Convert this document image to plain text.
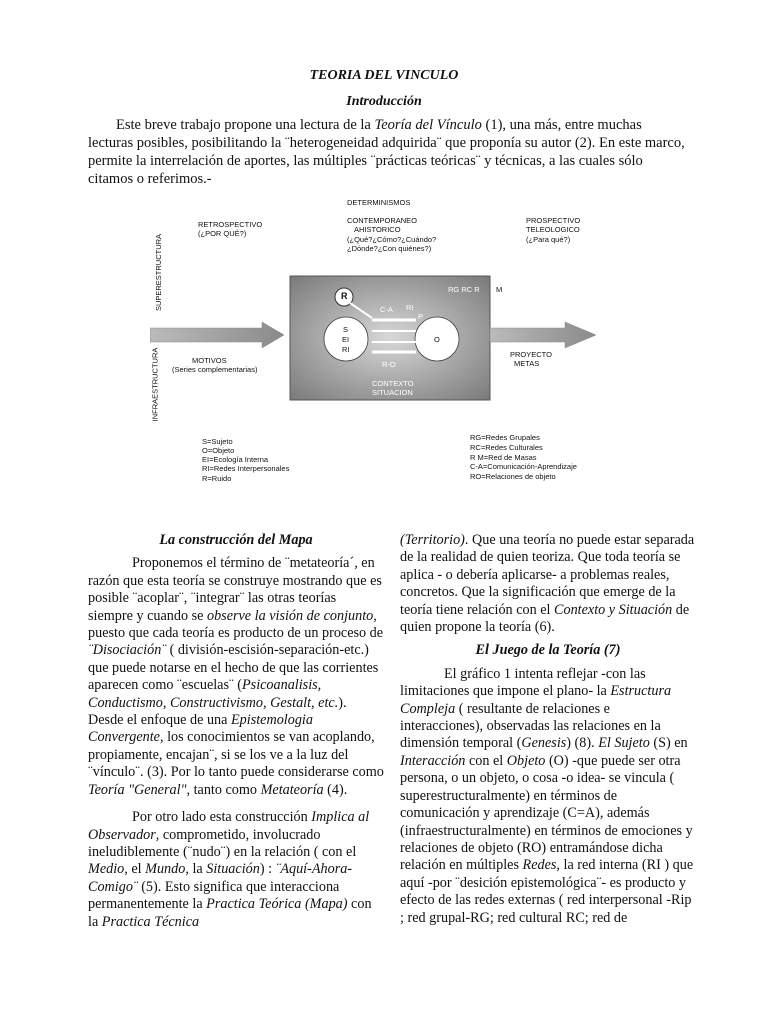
TEORIA DEL VINCULO
Introducción

Este breve trabajo propone una lectura de la Teoría del Vínculo (1), una más, entre muchas lecturas posibles, posibilitando la ¨heterogeneidad adquirida¨ que proponía su autor (2). En este marco, permite la interrelación de aportes, las múltiples ¨prácticas teóricas¨ y técnicas, a las cuales sólo citamos o referimos.-

DETERMINISMOS
RETROSPECTIVO
(¿POR QUÉ?)
CONTEMPORANEO
AHISTORICO
(¿Qué?¿Cómo?¿Cuándo?
¿Dónde?¿Con quiénes?)
PROSPECTIVO
TELEOLOGICO
(¿Para qué?)
SUPERESTRUCTURA
INFRAESTRUCTURA	MOTIVOS
(Series complementarias)
PROYECTO
METAS
R
RG RC R M
C-A RI
P
S
EI
RI
O
R-O
CONTEXTO
SITUACION
S=Sujeto
O=Objeto
EI=Ecología Interna
RI=Redes Interpersonales
R=Ruido
RG=Redes Grupales
RC=Redes Culturales
R M=Red de Masas
C-A=Comunicación-Aprendizaje
RO=Relaciones de objeto

La construcción del Mapa

Proponemos el término de ¨metateoría´, en razón que esta teoría se construye mostrando que es posible ¨acoplar¨, ¨integrar¨ las otras teorías siempre y cuando se observe la visión de conjunto, puesto que cada teoría es producto de un proceso de ¨Disociación¨ ( división-escisión-separación-etc.) que puede notarse en el hecho de que las corrientes aparecen como ¨escuelas¨ (Psicoanalisis, Conductismo, Constructivismo, Gestalt, etc.). Desde el enfoque de una Epistemologia Convergente, los conocimientos se van acoplando, propiamente, encajan¨, si se los ve a la luz del ¨vínculo¨. (3). Por lo tanto puede considerarse como Teoría "General", tanto como Metateoría (4).

Por otro lado esta construcción Implica al Observador, comprometido, involucrado ineludiblemente (¨nudo¨) en la relación ( con el Medio, el Mundo, la Situación) : ¨Aquí-Ahora-Comigo¨ (5). Esto significa que interacciona permanentemente la Practica Teórica (Mapa) con la Practica Técnica

(Territorio). Que una teoría no puede estar separada de la realidad de quien teoriza. Que toda teoría se aplica - o debería aplicarse- a problemas reales, concretos. Que la significación que emerge de la teoría tiene relación con el Contexto y Situación de quien propone la teoría (6).

El Juego de la Teoría (7)

El gráfico 1 intenta reflejar -con las limitaciones que impone el plano- la Estructura Compleja ( resultante de relaciones e interacciones), observadas las relaciones en la dimensión temporal (Genesis) (8). El Sujeto (S) en Interacción con el Objeto (O) -que puede ser otra persona, o un objeto, o cosa -o idea- se vincula ( superestructuralmente) en términos de comunicación y aprendizaje (C=A), además (infraestructuralmente) en términos de emociones y relaciones de objeto (RO) entramándose dicha relación en múltiples Redes, la red interna (RI ) que aquí -por ¨desición epistemológica¨- es producto y efecto de las redes externas ( red interpersonal -Rip ; red grupal-RG; red cultural RC; red de
